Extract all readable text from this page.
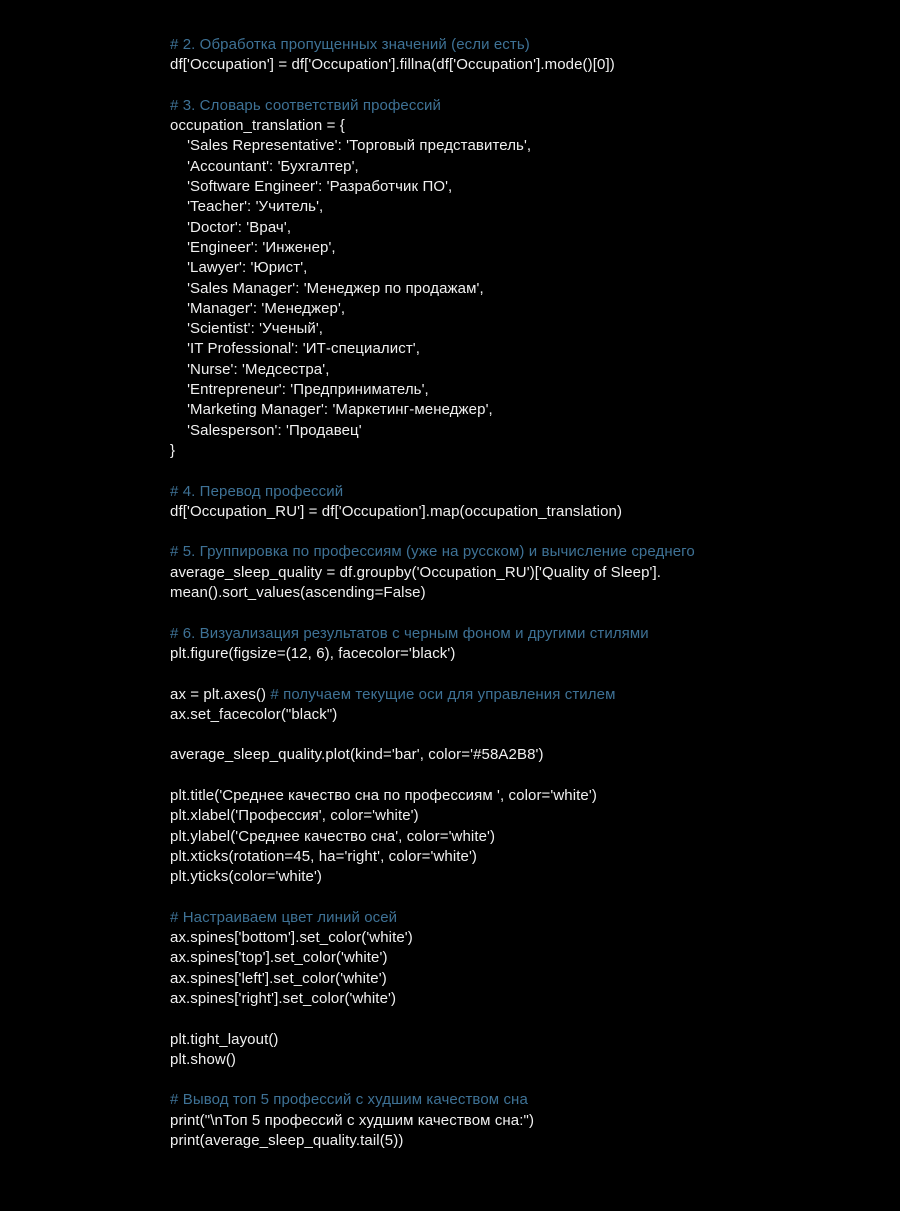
# 2. Обработка пропущенных значений (если есть)
df['Occupation'] = df['Occupation'].fillna(df['Occupation'].mode()[0])
# 3. Словарь соответствий профессий
occupation_translation = {
'Sales Representative': 'Торговый представитель',
'Accountant': 'Бухгалтер',
'Software Engineer': 'Разработчик ПО',
'Teacher': 'Учитель',
'Doctor': 'Врач',
'Engineer': 'Инженер',
'Lawyer': 'Юрист',
'Sales Manager': 'Менеджер по продажам',
'Manager': 'Менеджер',
'Scientist': 'Ученый',
'IT Professional': 'ИТ-специалист',
'Nurse': 'Медсестра',
'Entrepreneur': 'Предприниматель',
'Marketing Manager': 'Маркетинг-менеджер',
'Salesperson': 'Продавец'
}
# 4. Перевод профессий
df['Occupation_RU'] = df['Occupation'].map(occupation_translation)
# 5. Группировка по профессиям (уже на русском) и вычисление среднего
average_sleep_quality = df.groupby('Occupation_RU')['Quality of Sleep'].
mean().sort_values(ascending=False)
# 6. Визуализация результатов с черным фоном и другими стилями
plt.figure(figsize=(12, 6), facecolor='black')
ax = plt.axes() # получаем текущие оси для управления стилем
ax.set_facecolor("black")
average_sleep_quality.plot(kind='bar', color='#58A2B8')
plt.title('Среднее качество сна по профессиям ', color='white')
plt.xlabel('Профессия', color='white')
plt.ylabel('Среднее качество сна', color='white')
plt.xticks(rotation=45, ha='right', color='white')
plt.yticks(color='white')
# Настраиваем цвет линий осей
ax.spines['bottom'].set_color('white')
ax.spines['top'].set_color('white')
ax.spines['left'].set_color('white')
ax.spines['right'].set_color('white')
plt.tight_layout()
plt.show()
# Вывод топ 5 профессий с худшим качеством сна
print("\nТоп 5 профессий с худшим качеством сна:")
print(average_sleep_quality.tail(5))
